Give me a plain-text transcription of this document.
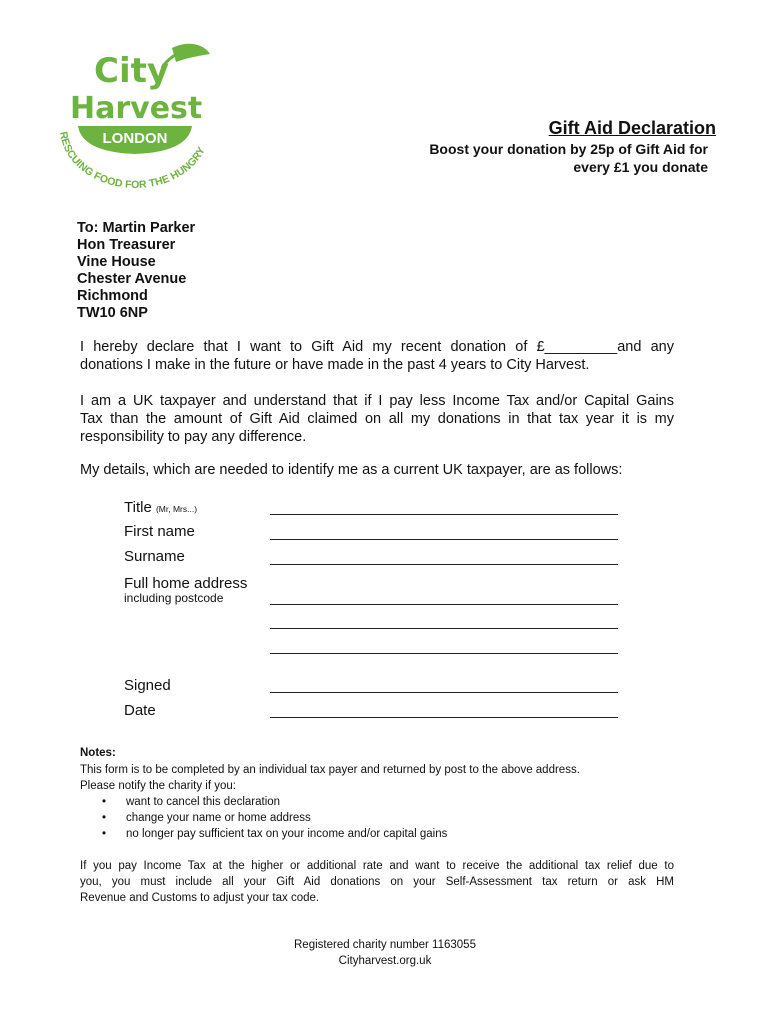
City
Harvest
LONDON
RESCUING FOOD FOR THE HUNGRY
Gift Aid Declaration
Boost your donation by 25p of Gift Aid for
every £1 you donate
To: Martin Parker
Hon Treasurer
Vine House
Chester Avenue
Richmond
TW10 6NP
I hereby declare that I want to Gift Aid my recent donation of £_________and any
donations I make in the future or have made in the past 4 years to City Harvest.
I am a UK taxpayer and understand that if I pay less Income Tax and/or Capital Gains
Tax than the amount of Gift Aid claimed on all my donations in that tax year it is my
responsibility to pay any difference.
My details, which are needed to identify me as a current UK taxpayer, are as follows:
Title (Mr, Mrs...)
First name
Surname
Full home address
including postcode
Signed
Date
Notes:
This form is to be completed by an individual tax payer and returned by post to the above address.
Please notify the charity if you:
• want to cancel this declaration
• change your name or home address
• no longer pay sufficient tax on your income and/or capital gains
If you pay Income Tax at the higher or additional rate and want to receive the additional tax relief due to
you, you must include all your Gift Aid donations on your Self-Assessment tax return or ask HM
Revenue and Customs to adjust your tax code.
Registered charity number 1163055
Cityharvest.org.uk
